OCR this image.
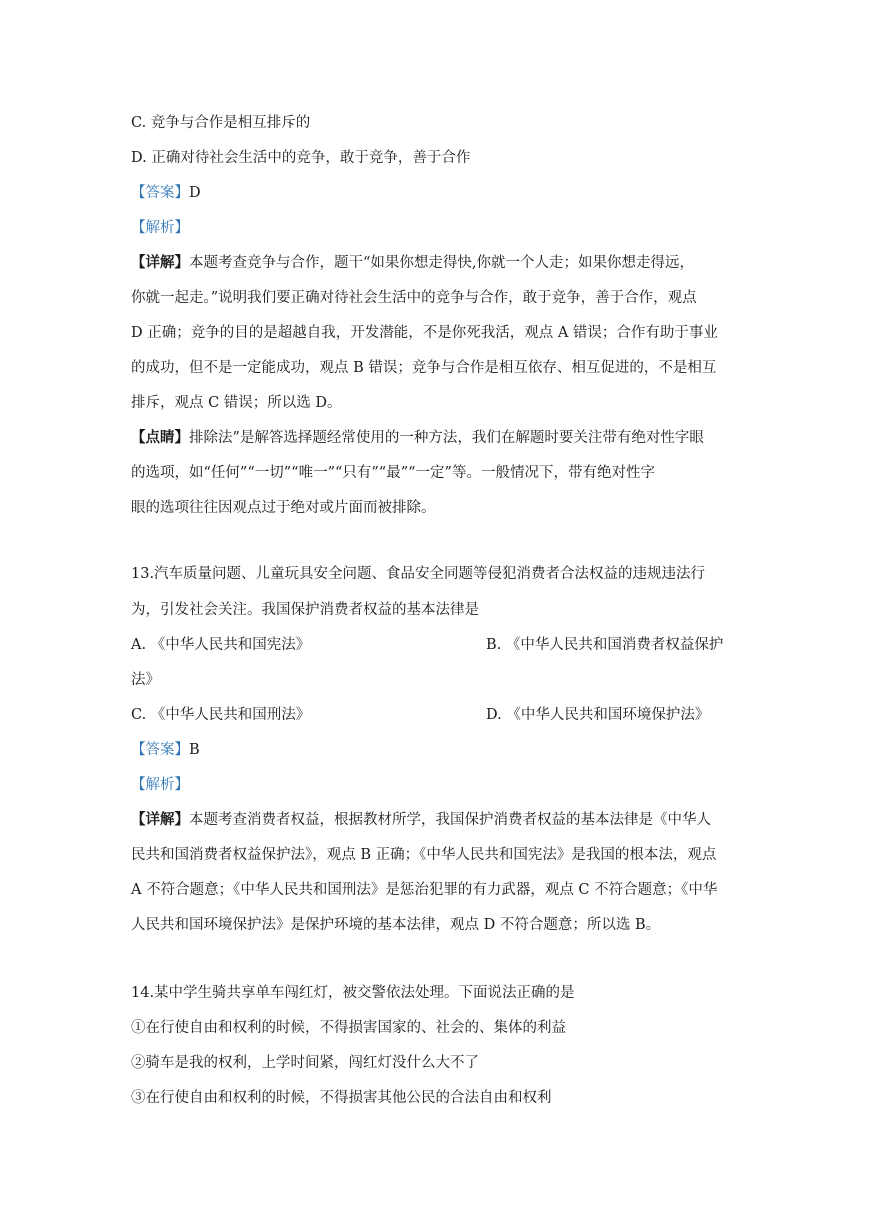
C. 竞争与合作是相互排斥的
D. 正确对待社会生活中的竞争，敢于竞争，善于合作
【答案】D
【解析】
【详解】本题考查竞争与合作，题干“如果你想走得快,你就一个人走；如果你想走得远，
你就一起走。”说明我们要正确对待社会生活中的竞争与合作，敢于竞争，善于合作，观点
D 正确；竞争的目的是超越自我，开发潜能，不是你死我活，观点 A 错误；合作有助于事业
的成功，但不是一定能成功，观点 B 错误；竞争与合作是相互依存、相互促进的，不是相互
排斥，观点 C 错误；所以选 D。
【点睛】排除法”是解答选择题经常使用的一种方法，我们在解题时要关注带有绝对性字眼
的选项，如“任何”“一切”“唯一”“只有”“最”“一定”等。一般情况下，带有绝对性字
眼的选项往往因观点过于绝对或片面而被排除。
13.汽车质量问题、儿童玩具安全问题、食品安全同题等侵犯消费者合法权益的违规违法行
为，引发社会关注。我国保护消费者权益的基本法律是
A. 《中华人民共和国宪法》	B. 《中华人民共和国消费者权益保护
法》
C. 《中华人民共和国刑法》	D. 《中华人民共和国环境保护法》
【答案】B
【解析】
【详解】本题考查消费者权益，根据教材所学，我国保护消费者权益的基本法律是《中华人
民共和国消费者权益保护法》，观点 B 正确；《中华人民共和国宪法》是我国的根本法，观点
A 不符合题意；《中华人民共和国刑法》是惩治犯罪的有力武器，观点 C 不符合题意；《中华
人民共和国环境保护法》是保护环境的基本法律，观点 D 不符合题意；所以选 B。
14.某中学生骑共享单车闯红灯，被交警依法处理。下面说法正确的是
①在行使自由和权利的时候，不得损害国家的、社会的、集体的利益
②骑车是我的权利，上学时间紧，闯红灯没什么大不了
③在行使自由和权利的时候，不得损害其他公民的合法自由和权利
